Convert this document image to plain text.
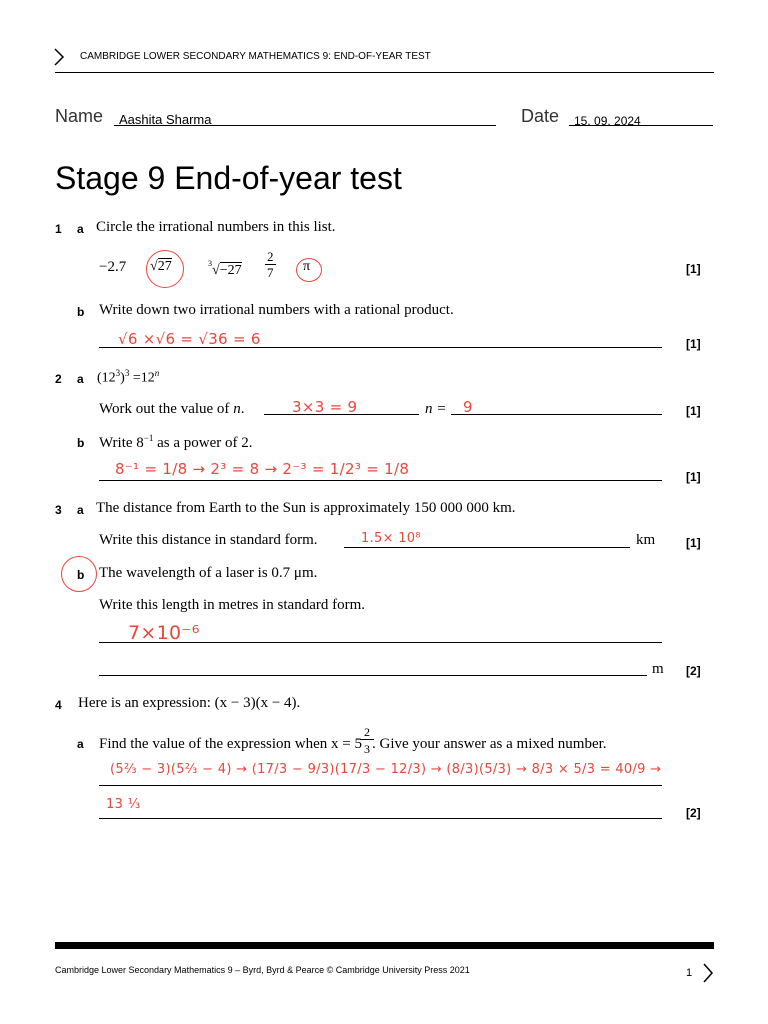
CAMBRIDGE LOWER SECONDARY MATHEMATICS 9: END-OF-YEAR TEST
Name Aashita Sharma	Date 15. 09. 2024
Stage 9 End-of-year test
1 a Circle the irrational numbers in this list.
−2.7 √27	$^3√-27 \frac{2}{7}$ π	[1]
b Write down two irrational numbers with a rational product.
√6 ×√6 = √36 = 6	[1]
2 a $(12^3)^3 =12^n$
Work out the value of n.	3×3 = 9	n = 9	[1]
b Write $8^{-1}$ as a power of 2.
8⁻¹ = 1/8 → 2³ = 8 → 2⁻³ = 1/2³ = 1/8	[1]
3 a The distance from Earth to the Sun is approximately 150 000 000 km.
Write this distance in standard form.	1.5× 10⁸	km	[1]
b The wavelength of a laser is 0.7 μm.
Write this length in metres in standard form.
7×10⁻⁶
m [2]
4 Here is an expression: (x − 3)(x − 4).
a Find the value of the expression when $x = 5 \frac{2}{3}$ . Give your answer as a mixed number.
(5⅔ − 3)(5⅔ − 4) → (17/3 − 9/3)(17/3 − 12/3) → (8/3)(5/3) → 8/3 × 5/3 = 40/9 →
13 ⅓
[2]
Cambridge Lower Secondary Mathematics 9 – Byrd, Byrd & Pearce © Cambridge University Press 2021	1
